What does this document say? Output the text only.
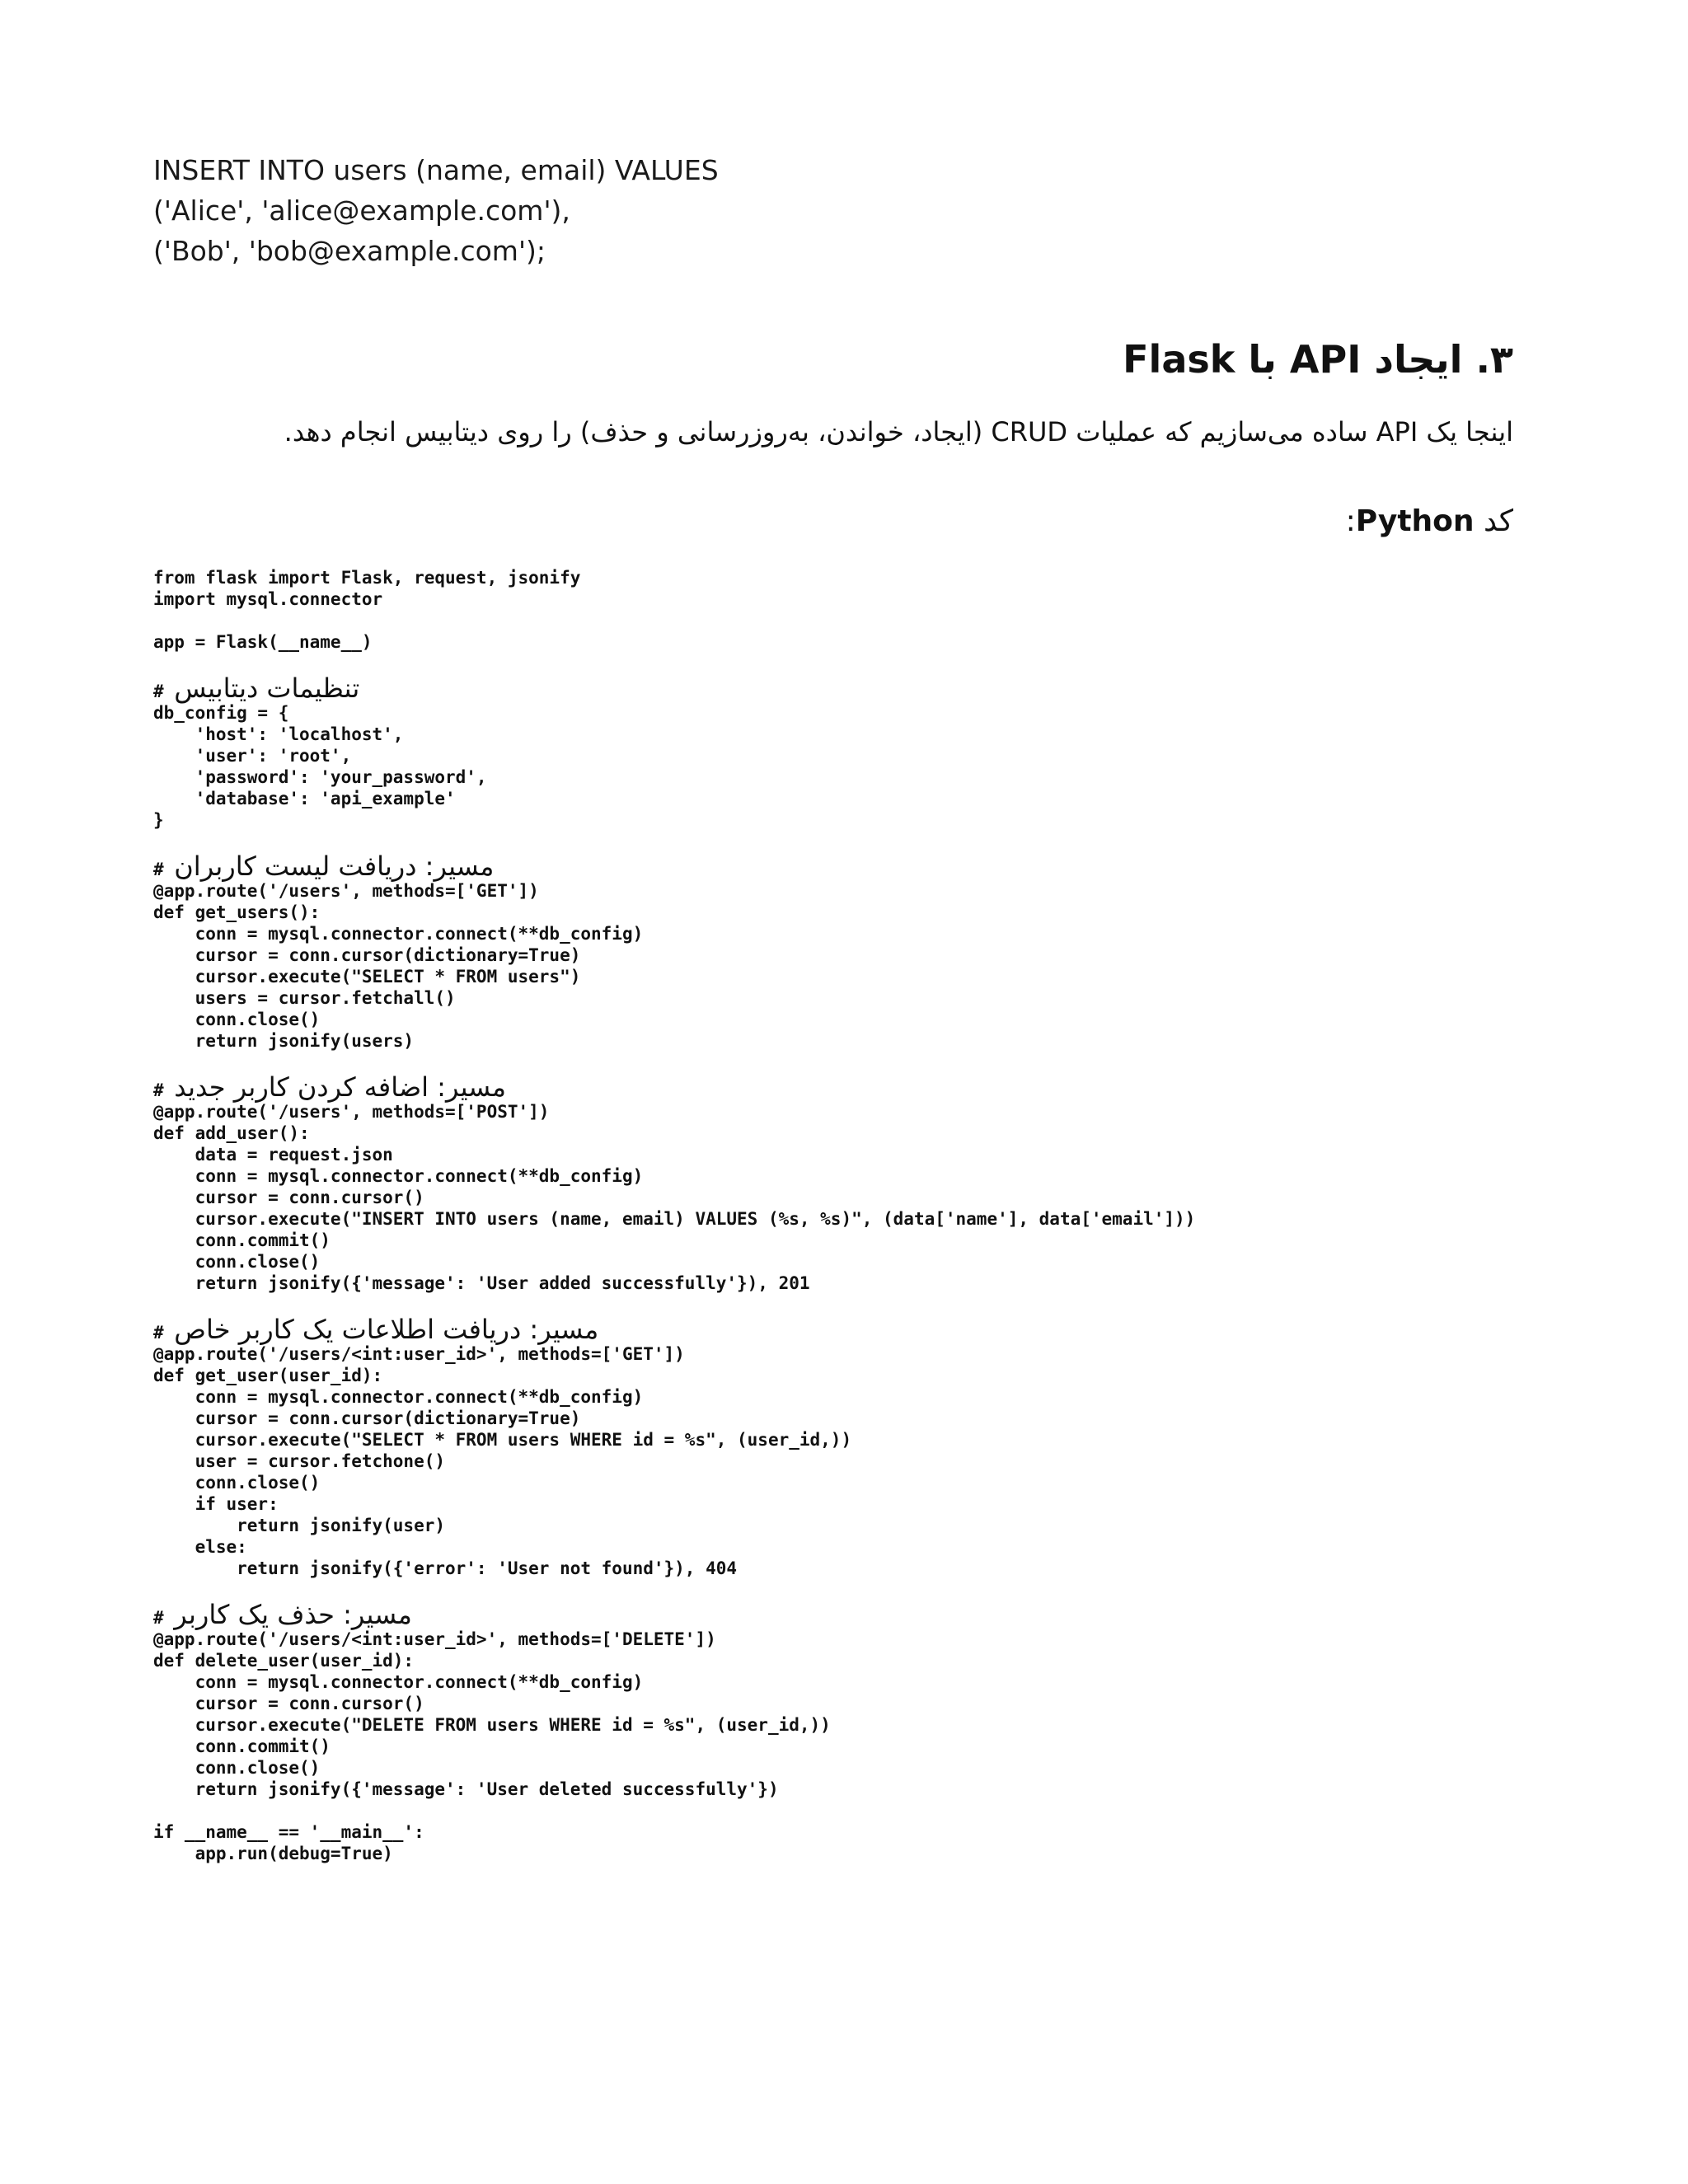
INSERT INTO users (name, email) VALUES
('Alice', 'alice@example.com'),
('Bob', 'bob@example.com');
۳. ایجاد API با Flask
اینجا یک API ساده می‌سازیم که عملیات CRUD (ایجاد، خواندن، به‌روزرسانی و حذف) را روی دیتابیس انجام دهد.
کد Python:
from flask import Flask, request, jsonify
import mysql.connector
app = Flask(__name__)
# تنظیمات دیتابیس
db_config = {
'host': 'localhost',
'user': 'root',
'password': 'your_password',
'database': 'api_example'
}
# مسیر: دریافت لیست کاربران
@app.route('/users', methods=['GET'])
def get_users():
conn = mysql.connector.connect(**db_config)
cursor = conn.cursor(dictionary=True)
cursor.execute("SELECT * FROM users")
users = cursor.fetchall()
conn.close()
return jsonify(users)
# مسیر: اضافه کردن کاربر جدید
@app.route('/users', methods=['POST'])
def add_user():
data = request.json
conn = mysql.connector.connect(**db_config)
cursor = conn.cursor()
cursor.execute("INSERT INTO users (name, email) VALUES (%s, %s)", (data['name'], data['email']))
conn.commit()
conn.close()
return jsonify({'message': 'User added successfully'}), 201
# مسیر: دریافت اطلاعات یک کاربر خاص
@app.route('/users/<int:user_id>', methods=['GET'])
def get_user(user_id):
conn = mysql.connector.connect(**db_config)
cursor = conn.cursor(dictionary=True)
cursor.execute("SELECT * FROM users WHERE id = %s", (user_id,))
user = cursor.fetchone()
conn.close()
if user:
return jsonify(user)
else:
return jsonify({'error': 'User not found'}), 404
# مسیر: حذف یک کاربر
@app.route('/users/<int:user_id>', methods=['DELETE'])
def delete_user(user_id):
conn = mysql.connector.connect(**db_config)
cursor = conn.cursor()
cursor.execute("DELETE FROM users WHERE id = %s", (user_id,))
conn.commit()
conn.close()
return jsonify({'message': 'User deleted successfully'})
if __name__ == '__main__':
app.run(debug=True)
